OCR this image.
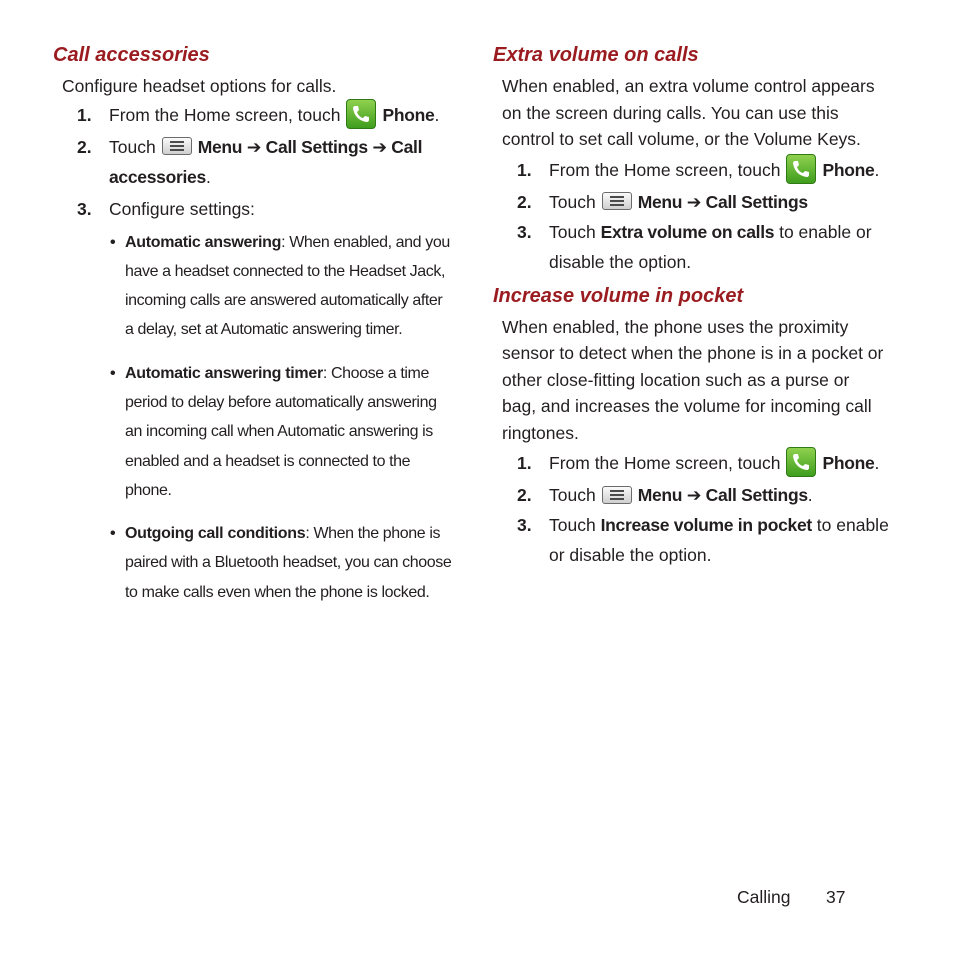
Call accessories

Configure headset options for calls.

1. From the Home screen, touch Phone.
2. Touch Menu ➔ Call Settings ➔ Call
accessories.
3. Configure settings:
• Automatic answering: When enabled, and you
have a headset connected to the Headset Jack,
incoming calls are answered automatically after
a delay, set at Automatic answering timer.
• Automatic answering timer: Choose a time
period to delay before automatically answering
an incoming call when Automatic answering is
enabled and a headset is connected to the
phone.
• Outgoing call conditions: When the phone is
paired with a Bluetooth headset, you can choose
to make calls even when the phone is locked.
Extra volume on calls

When enabled, an extra volume control appears
on the screen during calls. You can use this
control to set call volume, or the Volume Keys.

1. From the Home screen, touch Phone.
2. Touch Menu ➔ Call Settings
3. Touch Extra volume on calls to enable or
disable the option.
Increase volume in pocket

When enabled, the phone uses the proximity
sensor to detect when the phone is in a pocket or
other close-fitting location such as a purse or
bag, and increases the volume for incoming call
ringtones.

1. From the Home screen, touch Phone.
2. Touch Menu ➔ Call Settings.
3. Touch Increase volume in pocket to enable
or disable the option.
Calling 37
